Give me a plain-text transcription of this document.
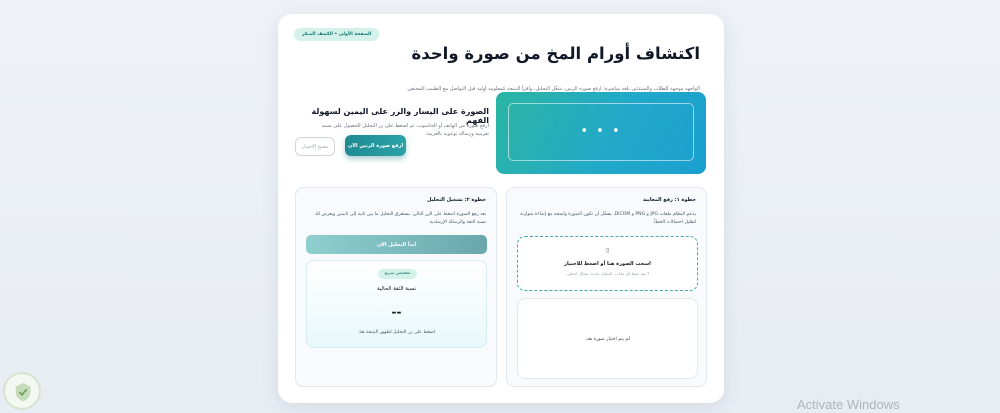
الصفحة الأولى • الكشف المبكر
اكتشاف أورام المخ من صورة واحدة

الواجهة موجهة للطلاب والمبتدئين بلغة مباشرة: ارفع صورة الرنين، شغّل التحليل، واقرأ النتيجة كمعلومة أولية قبل التواصل مع الطبيب المختص.

• • •
الصورة على اليسار والزر على اليمين لسهولة الفهم

ارفع صورة من الهاتف أو الحاسوب، ثم اضغط على زر التحليل للحصول على نسبة تقريبية ورسالة توعوية بالعربية.

ارفع صورة الرنين الآن
مسح الاختيار
خطوة ١: رفع المعاينة

يدعم النظام ملفات JPG و PNG و DICOM، يفضّل أن تكون الصورة واضحة مع إضاءة متوازنة لتقليل احتمالات الخطأ.

⇧
اسحب الصورة هنا أو اضغط للاختيار
لا يتم حفظ أي بيانات، التحليل يحدث بشكل لحظي.
لم يتم اختيار صورة بعد.
خطوة ٢: تشغيل التحليل

بعد رفع الصورة اضغط على الزر التالي. يستغرق التحليل ما بين ثانية إلى ثانيتين ويعرض لك نسبة الثقة والرسالة الإرشادية.

ابدأ التحليل الآن
متحمس سريع
نسبة الثقة الحالية
--
اضغط على زر التحليل لظهور النتيجة هنا.
Activate Windows
